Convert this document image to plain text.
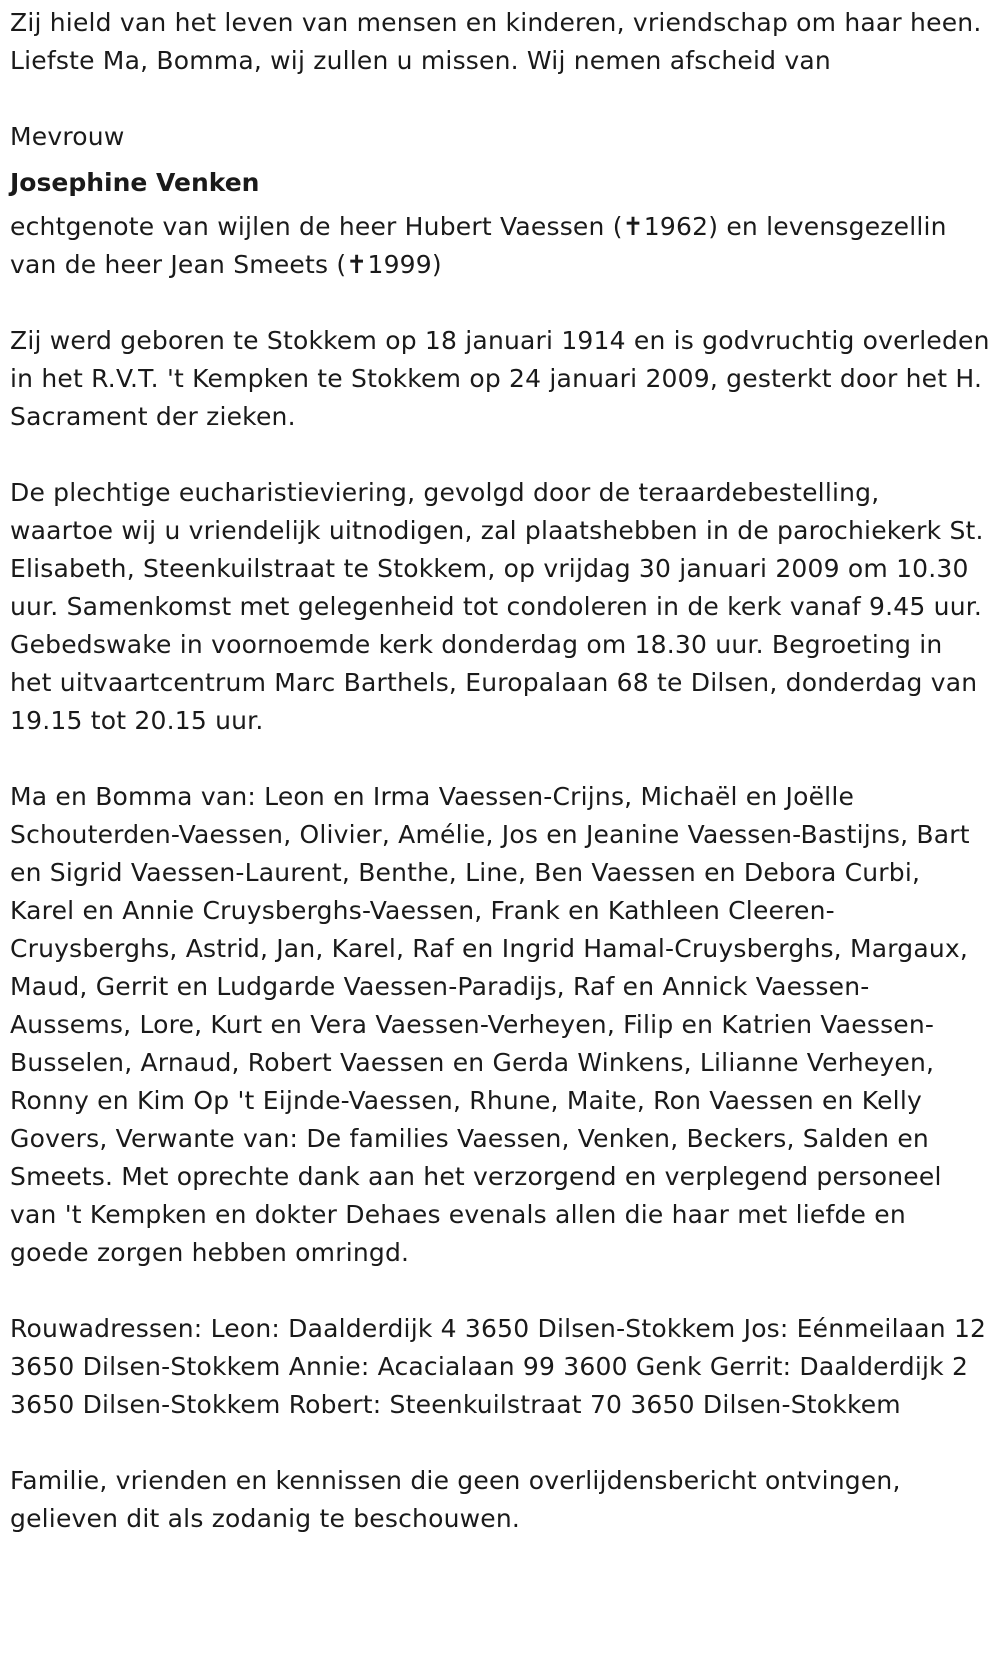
Zij hield van het leven van mensen en kinderen, vriendschap om haar heen. Liefste Ma, Bomma, wij zullen u missen. Wij nemen afscheid van

Mevrouw

Josephine Venken

echtgenote van wijlen de heer Hubert Vaessen (✝1962) en levensgezellin van de heer Jean Smeets (✝1999)

Zij werd geboren te Stokkem op 18 januari 1914 en is godvruchtig overleden in het R.V.T. 't Kempken te Stokkem op 24 januari 2009, gesterkt door het H. Sacrament der zieken.

De plechtige eucharistieviering, gevolgd door de teraardebestelling, waartoe wij u vriendelijk uitnodigen, zal plaatshebben in de parochiekerk St. Elisabeth, Steenkuilstraat te Stokkem, op vrijdag 30 januari 2009 om 10.30 uur. Samenkomst met gelegenheid tot condoleren in de kerk vanaf 9.45 uur. Gebedswake in voornoemde kerk donderdag om 18.30 uur. Begroeting in het uitvaartcentrum Marc Barthels, Europalaan 68 te Dilsen, donderdag van 19.15 tot 20.15 uur.

Ma en Bomma van: Leon en Irma Vaessen-Crijns, Michaël en Joëlle Schouterden-Vaessen, Olivier, Amélie, Jos en Jeanine Vaessen-Bastijns, Bart en Sigrid Vaessen-Laurent, Benthe, Line, Ben Vaessen en Debora Curbi, Karel en Annie Cruysberghs-Vaessen, Frank en Kathleen Cleeren-Cruysberghs, Astrid, Jan, Karel, Raf en Ingrid Hamal-Cruysberghs, Margaux, Maud, Gerrit en Ludgarde Vaessen-Paradijs, Raf en Annick Vaessen-Aussems, Lore, Kurt en Vera Vaessen-Verheyen, Filip en Katrien Vaessen-Busselen, Arnaud, Robert Vaessen en Gerda Winkens, Lilianne Verheyen, Ronny en Kim Op 't Eijnde-Vaessen, Rhune, Maite, Ron Vaessen en Kelly Govers, Verwante van: De families Vaessen, Venken, Beckers, Salden en Smeets. Met oprechte dank aan het verzorgend en verplegend personeel van 't Kempken en dokter Dehaes evenals allen die haar met liefde en goede zorgen hebben omringd.

Rouwadressen: Leon: Daalderdijk 4 3650 Dilsen-Stokkem Jos: Eénmeilaan 12 3650 Dilsen-Stokkem Annie: Acacialaan 99 3600 Genk Gerrit: Daalderdijk 2 3650 Dilsen-Stokkem Robert: Steenkuilstraat 70 3650 Dilsen-Stokkem

Familie, vrienden en kennissen die geen overlijdensbericht ontvingen, gelieven dit als zodanig te beschouwen.
